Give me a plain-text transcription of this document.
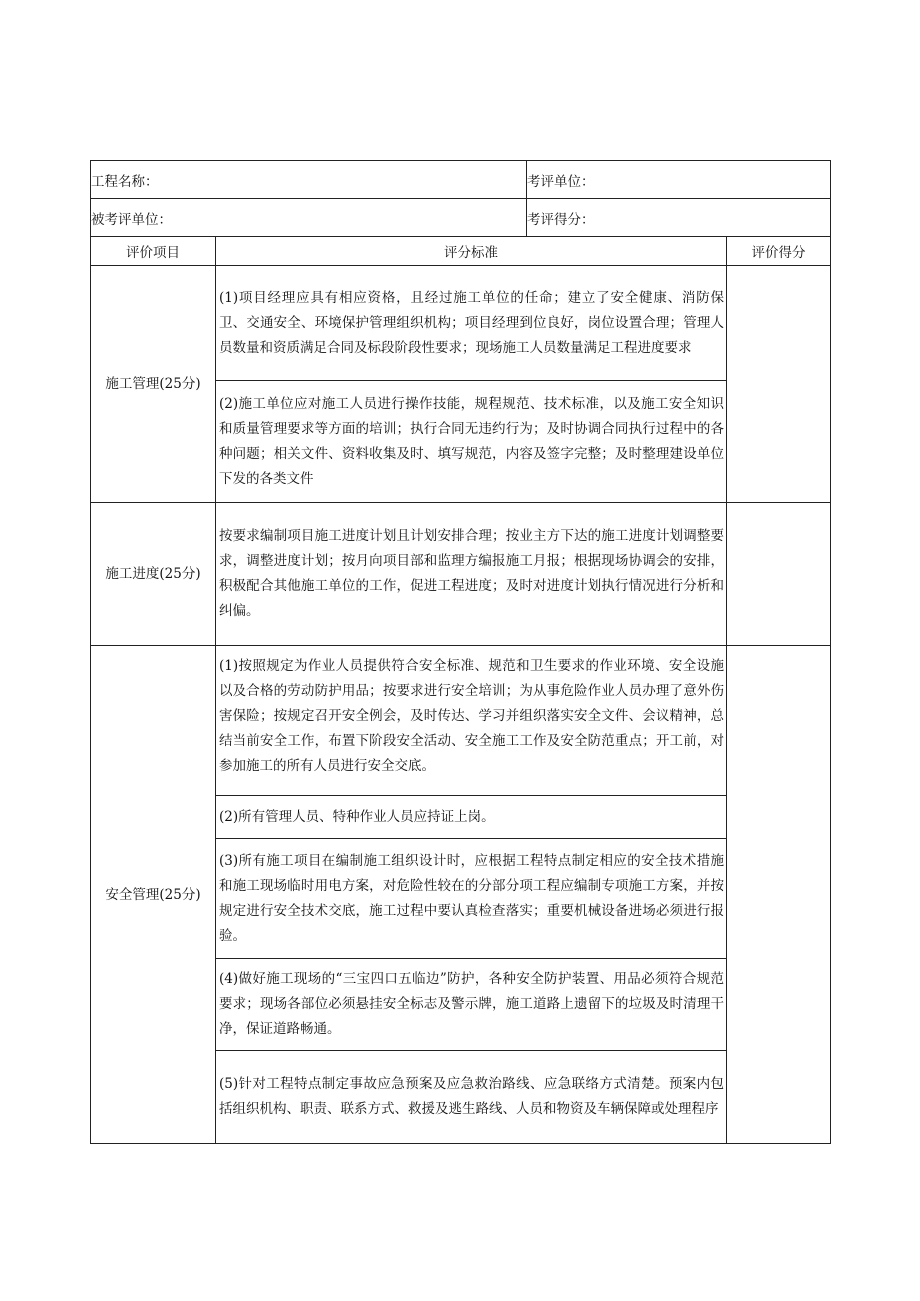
工程名称：		考评单位：	
被考评单位：		考评得分：	
评价项目	评分标准		评价得分
施工管理(25分)	(1)项目经理应具有相应资格，且经过施工单位的任命；建立了安全健康、消防保卫、交通安全、环境保护管理组织机构；项目经理到位良好，岗位设置合理；管理人员数量和资质满足合同及标段阶段性要求；现场施工人员数量满足工程进度要求		
	(2)施工单位应对施工人员进行操作技能，规程规范、技术标准，以及施工安全知识和质量管理要求等方面的培训；执行合同无违约行为；及时协调合同执行过程中的各种问题；相关文件、资料收集及时、填写规范，内容及签字完整；及时整理建设单位下发的各类文件		
施工进度(25分)	按要求编制项目施工进度计划且计划安排合理；按业主方下达的施工进度计划调整要求，调整进度计划；按月向项目部和监理方编报施工月报；根据现场协调会的安排，积极配合其他施工单位的工作，促进工程进度；及时对进度计划执行情况进行分析和纠偏。		
安全管理(25分)	(1)按照规定为作业人员提供符合安全标准、规范和卫生要求的作业环境、安全设施以及合格的劳动防护用品；按要求进行安全培训；为从事危险作业人员办理了意外伤害保险；按规定召开安全例会，及时传达、学习并组织落实安全文件、会议精神，总结当前安全工作，布置下阶段安全活动、安全施工工作及安全防范重点；开工前，对参加施工的所有人员进行安全交底。		
	(2)所有管理人员、特种作业人员应持证上岗。		
	(3)所有施工项目在编制施工组织设计时，应根据工程特点制定相应的安全技术措施和施工现场临时用电方案，对危险性较在的分部分项工程应编制专项施工方案，并按规定进行安全技术交底，施工过程中要认真检查落实；重要机械设备进场必须进行报验。		
	(4)做好施工现场的“三宝四口五临边”防护，各种安全防护装置、用品必须符合规范要求；现场各部位必须悬挂安全标志及警示牌，施工道路上遗留下的垃圾及时清理干净，保证道路畅通。		
	(5)针对工程特点制定事故应急预案及应急救治路线、应急联络方式清楚。预案内包括组织机构、职责、联系方式、救援及逃生路线、人员和物资及车辆保障或处理程序		
